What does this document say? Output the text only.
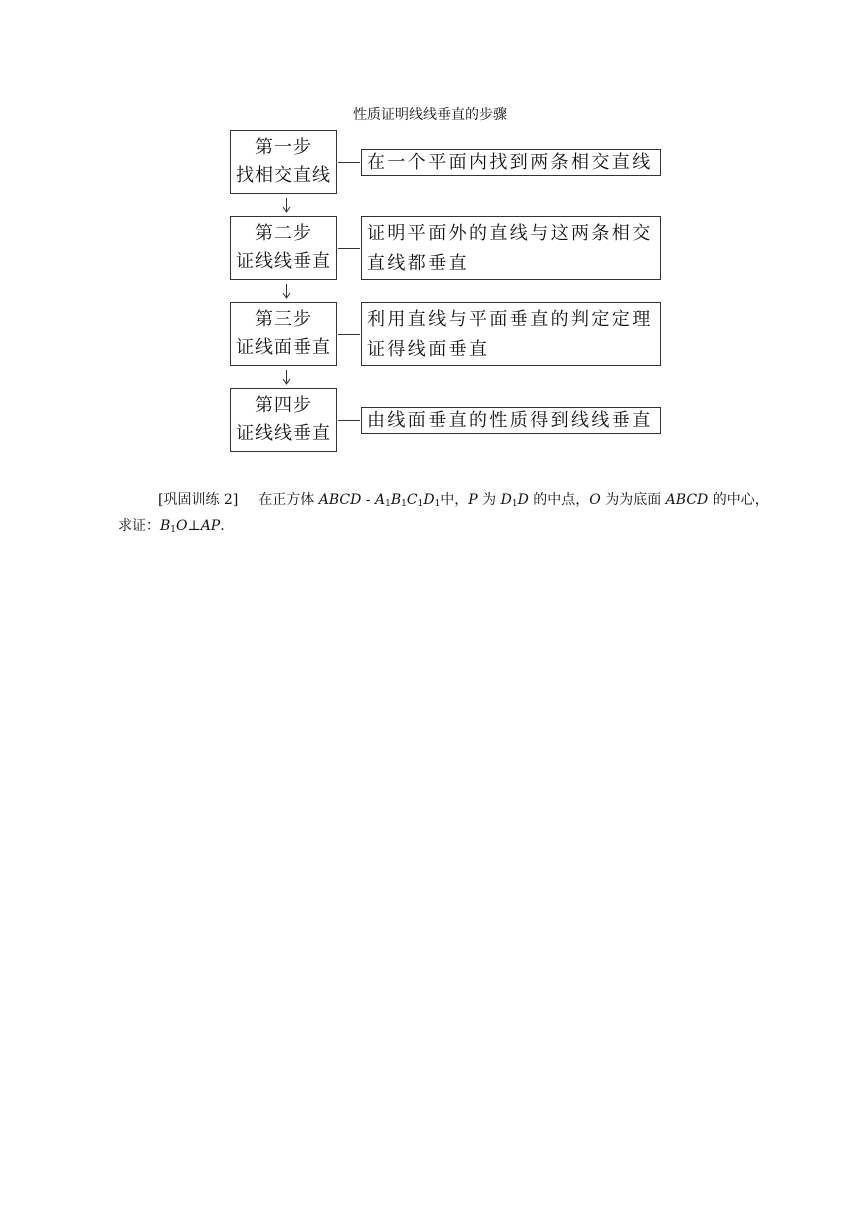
性质证明线线垂直的步骤
第一步
找相交直线
在一个平面内找到两条相交直线
第二步
证线线垂直
证明平面外的直线与这两条相交
直线都垂直
第三步
证线面垂直
利用直线与平面垂直的判定定理
证得线面垂直
第四步
证线线垂直
由线面垂直的性质得到线线垂直
[巩固训练 2] 在正方体 ABCD - $A_1B_1C_1D_1$中，P 为 $D_1D$ 的中点，O 为为底面 ABCD 的中心，
求证：$B_1O\perp AP$.
